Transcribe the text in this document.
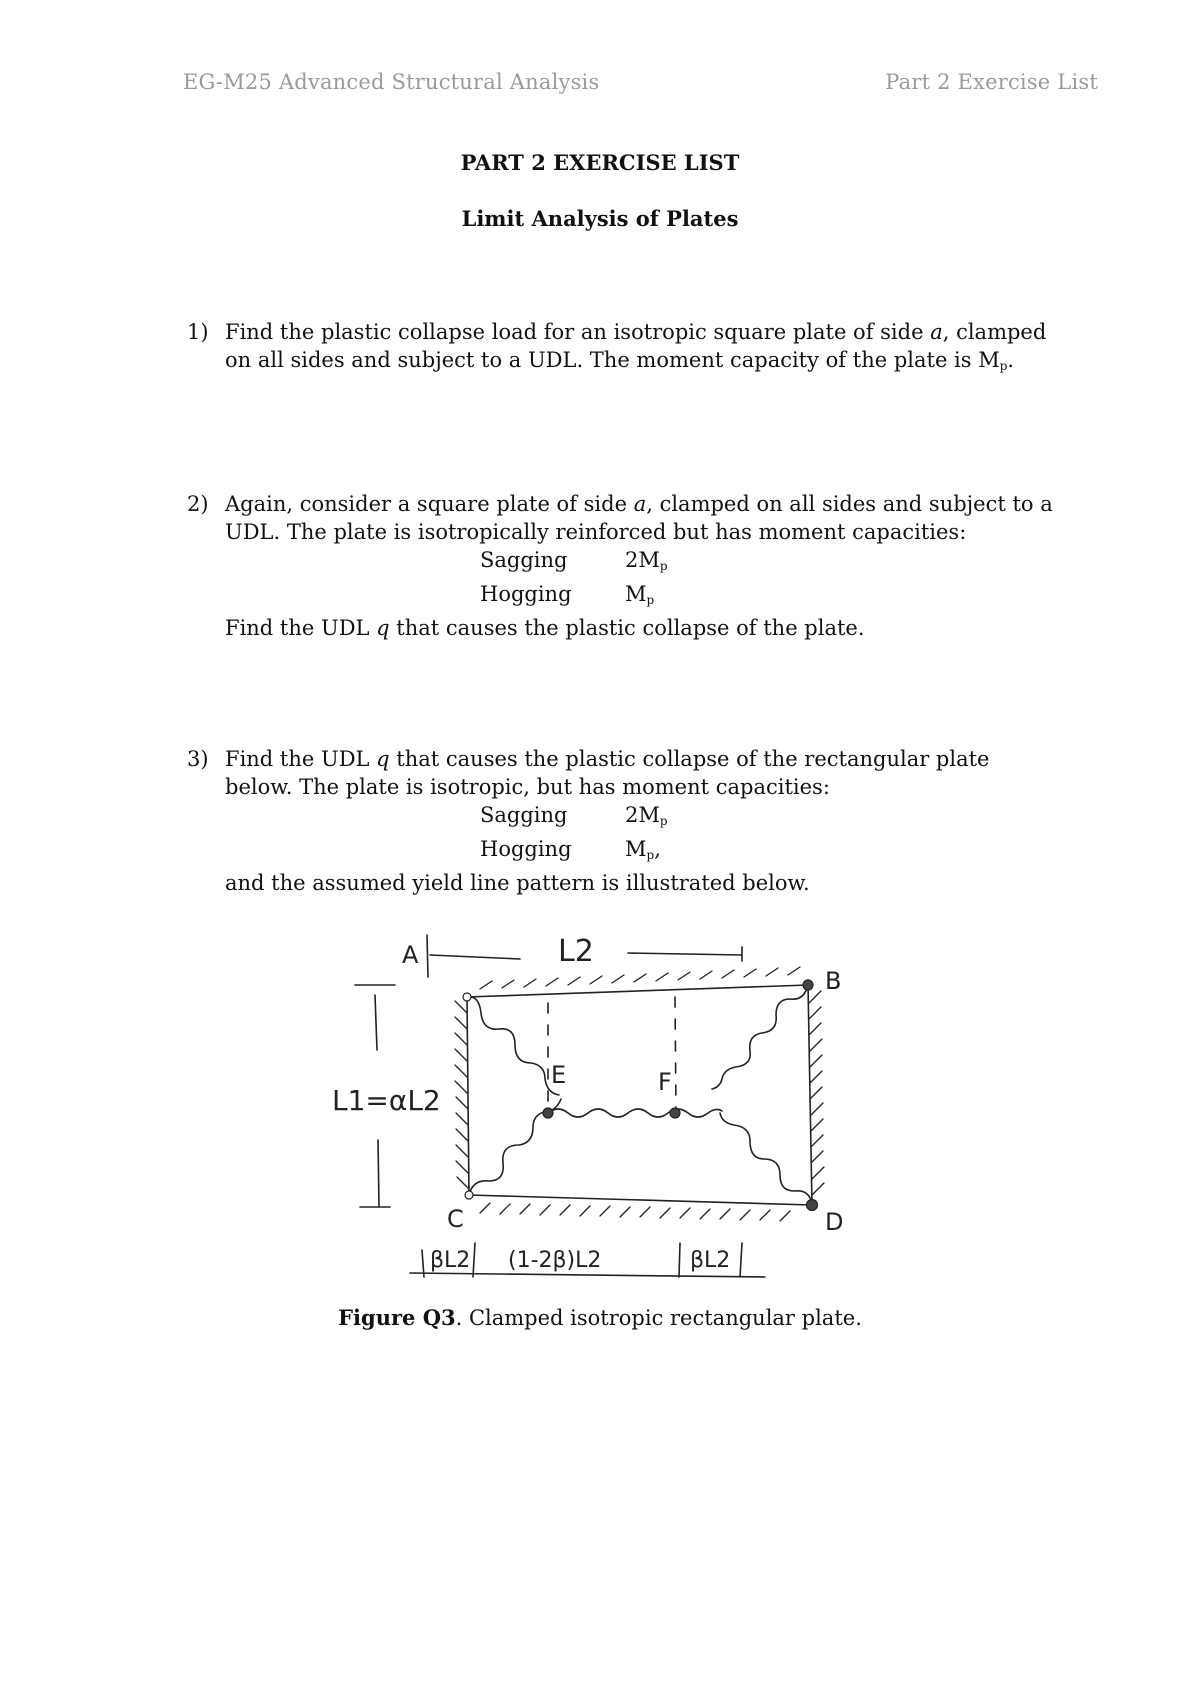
EG-M25 Advanced Structural Analysis	Part 2 Exercise List
PART 2 EXERCISE LIST
Limit Analysis of Plates
1) Find the plastic collapse load for an isotropic square plate of side a, clamped
on all sides and subject to a UDL. The moment capacity of the plate is $M_p$.
2) Again, consider a square plate of side a, clamped on all sides and subject to a
UDL. The plate is isotropically reinforced but has moment capacities:
Sagging	$2M_p$
Hogging	$M_p$
Find the UDL q that causes the plastic collapse of the plate.
3) Find the UDL q that causes the plastic collapse of the rectangular plate
below. The plate is isotropic, but has moment capacities:
Sagging	$2M_p$
Hogging	$M_p$,
and the assumed yield line pattern is illustrated below.
A
B
C	D
E	F
L2
L1=αL2
βL2 (1-2β)L2	βL2
Figure Q3. Clamped isotropic rectangular plate.
